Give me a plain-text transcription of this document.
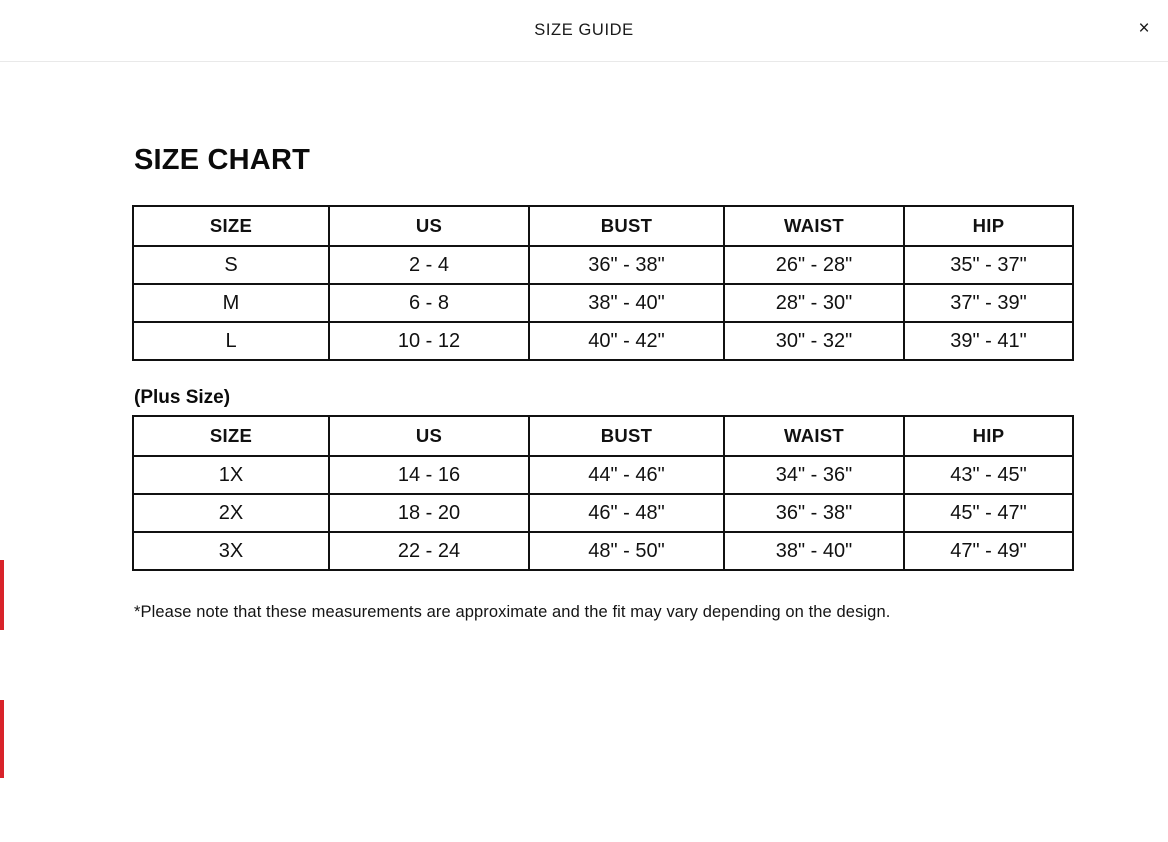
SIZE GUIDE	×
SIZE CHART
SIZE	US	BUST	WAIST	HIP
S	2 - 4	36" - 38"	26" - 28"	35" - 37"
M	6 - 8	38" - 40"	28" - 30"	37" - 39"
L	10 - 12	40" - 42"	30" - 32"	39" - 41"
(Plus Size)
SIZE	US	BUST	WAIST	HIP
1X	14 - 16	44" - 46"	34" - 36"	43" - 45"
2X	18 - 20	46" - 48"	36" - 38"	45" - 47"
3X	22 - 24	48" - 50"	38" - 40"	47" - 49"
*Please note that these measurements are approximate and the fit may vary depending on the design.
